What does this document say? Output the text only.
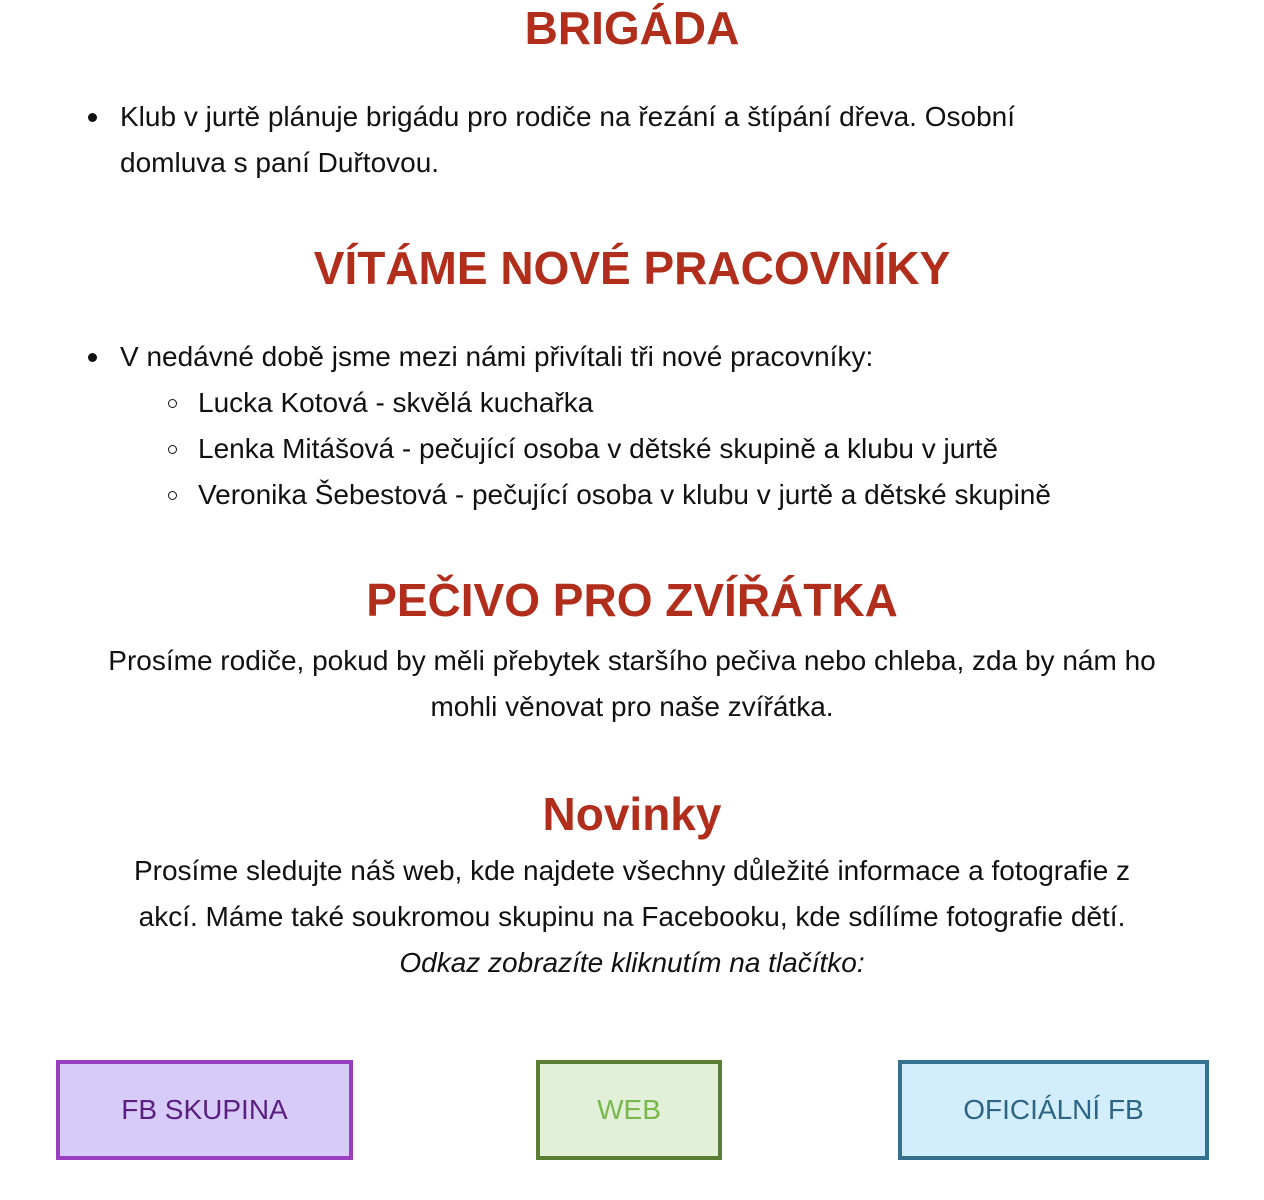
BRIGÁDA
Klub v jurtě plánuje brigádu pro rodiče na řezání a štípání dřeva. Osobní
domluva s paní Duřtovou.
VÍTÁME NOVÉ PRACOVNÍKY
V nedávné době jsme mezi námi přivítali tři nové pracovníky:
Lucka Kotová - skvělá kuchařka
Lenka Mitášová - pečující osoba v dětské skupině a klubu v jurtě
Veronika Šebestová - pečující osoba v klubu v jurtě a dětské skupině
PEČIVO PRO ZVÍŘÁTKA
Prosíme rodiče, pokud by měli přebytek staršího pečiva nebo chleba, zda by nám ho
mohli věnovat pro naše zvířátka.
Novinky
Prosíme sledujte náš web, kde najdete všechny důležité informace a fotografie z
akcí. Máme také soukromou skupinu na Facebooku, kde sdílíme fotografie dětí.
Odkaz zobrazíte kliknutím na tlačítko:
FB SKUPINA	WEB	OFICIÁLNÍ FB
